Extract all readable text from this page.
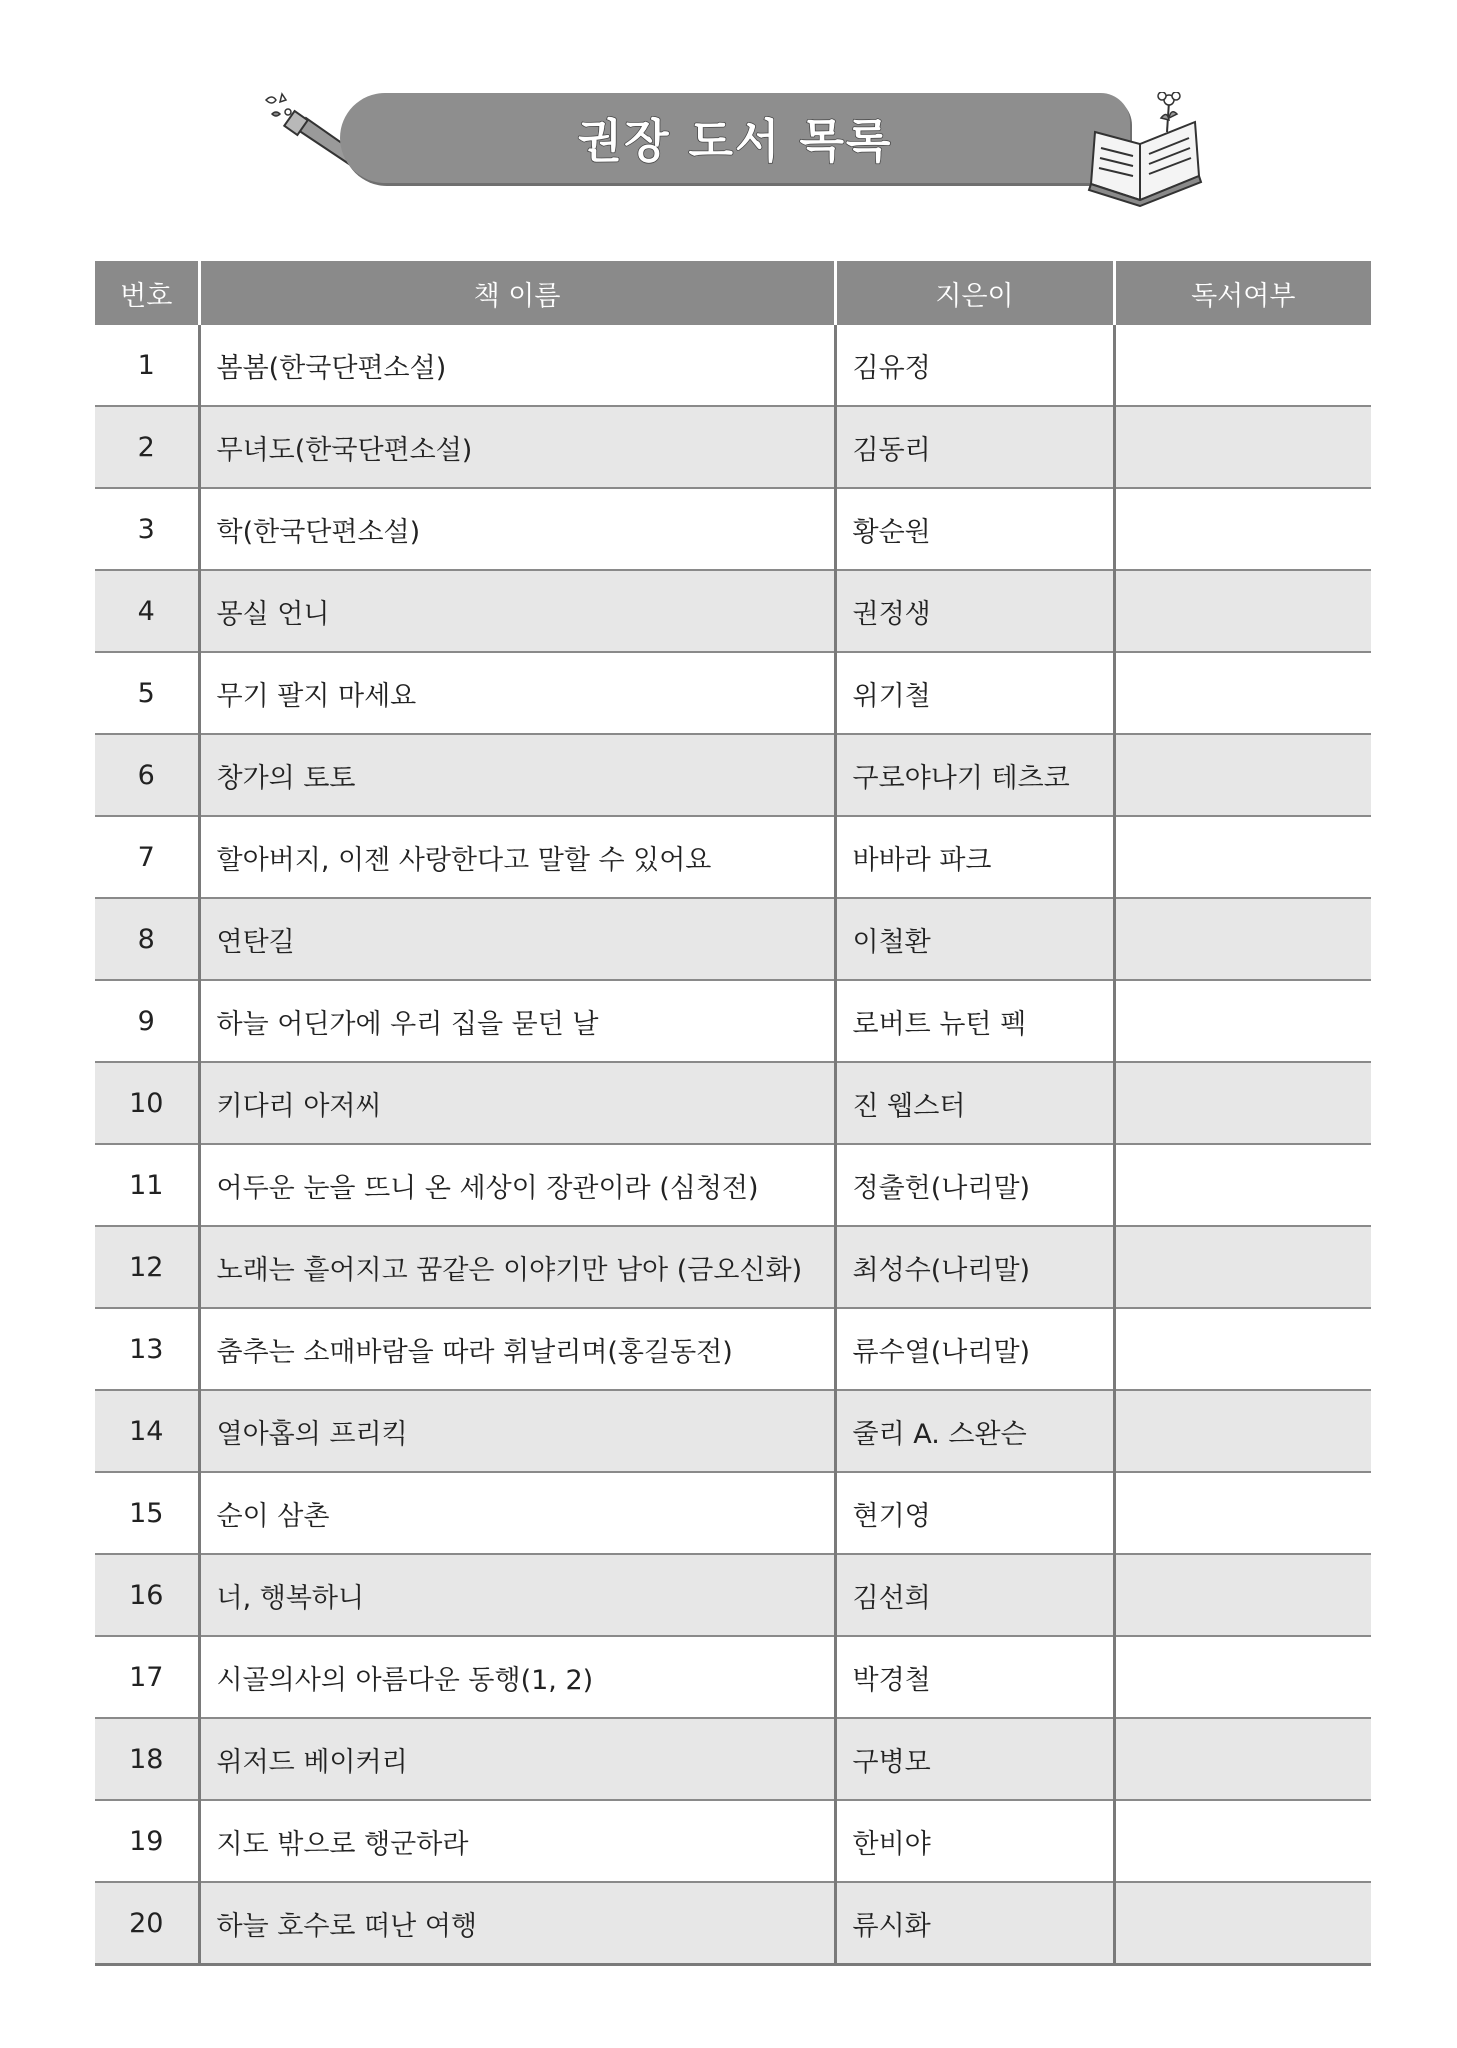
권장 도서 목록
번호	책 이름	지은이	독서여부
1	봄봄(한국단편소설)	김유정	
2	무녀도(한국단편소설)	김동리	
3	학(한국단편소설)	황순원	
4	몽실 언니	권정생	
5	무기 팔지 마세요	위기철	
6	창가의 토토	구로야나기 테츠코	
7	할아버지, 이젠 사랑한다고 말할 수 있어요	바바라 파크	
8	연탄길	이철환	
9	하늘 어딘가에 우리 집을 묻던 날	로버트 뉴턴 펙	
10	키다리 아저씨	진 웹스터	
11	어두운 눈을 뜨니 온 세상이 장관이라 (심청전)	정출헌(나리말)	
12	노래는 흩어지고 꿈같은 이야기만 남아 (금오신화)	최성수(나리말)	
13	춤추는 소매바람을 따라 휘날리며(홍길동전)	류수열(나리말)	
14	열아홉의 프리킥	줄리 A. 스완슨	
15	순이 삼촌	현기영	
16	너, 행복하니	김선희	
17	시골의사의 아름다운 동행(1, 2)	박경철	
18	위저드 베이커리	구병모	
19	지도 밖으로 행군하라	한비야	
20	하늘 호수로 떠난 여행	류시화	
